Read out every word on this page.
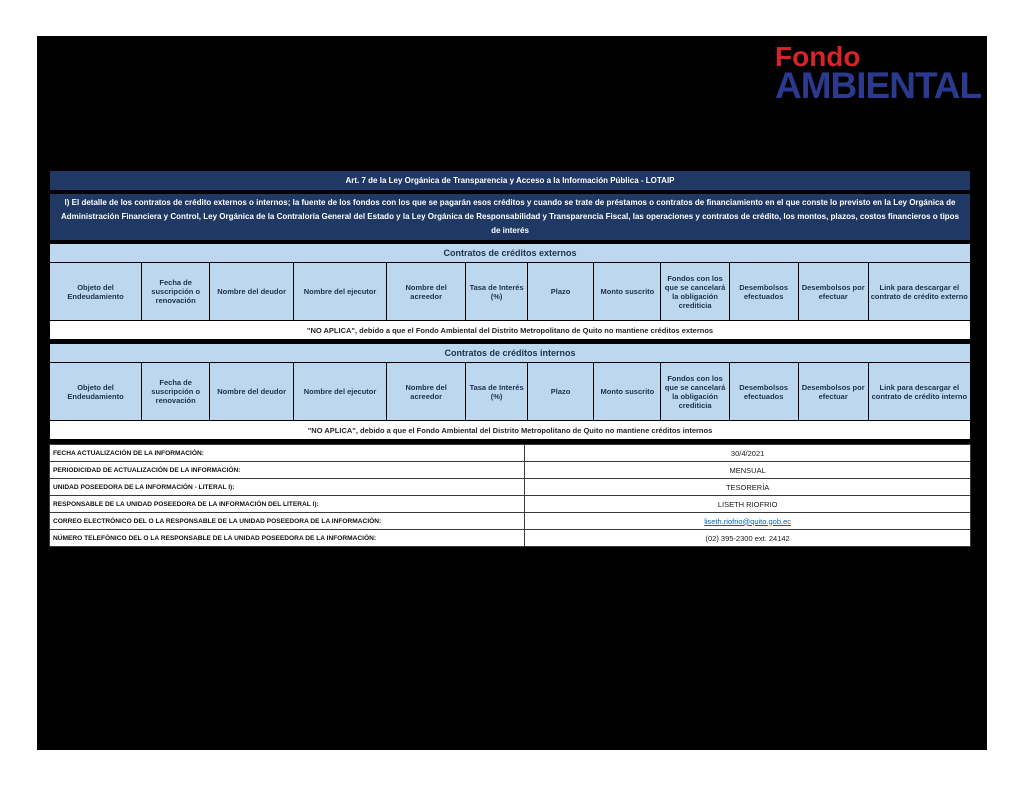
Fondo
AMBIENTAL
Art. 7 de la Ley Orgánica de Transparencia y Acceso a la Información Pública - LOTAIP
l) El detalle de los contratos de crédito externos o internos; la fuente de los fondos con los que se pagarán esos créditos y cuando se trate de préstamos o contratos de financiamiento en el que conste lo previsto en la Ley Orgánica de Administración Financiera y Control, Ley Orgánica de la Contraloría General del Estado y la Ley Orgánica de Responsabilidad y Transparencia Fiscal, las operaciones y contratos de crédito, los montos, plazos, costos financieros o tipos de interés
Contratos de créditos externos
Objeto del Endeudamiento	Fecha de suscripción o renovación	Nombre del deudor	Nombre del ejecutor	Nombre del acreedor	Tasa de Interés (%)	Plazo	Monto suscrito	Fondos con los que se cancelará la obligación crediticia	Desembolsos efectuados	Desembolsos por efectuar	Link para descargar el contrato de crédito externo
"NO APLICA", debido a que el Fondo Ambiental del Distrito Metropolitano de Quito no mantiene créditos externos
Contratos de créditos internos
Objeto del Endeudamiento	Fecha de suscripción o renovación	Nombre del deudor	Nombre del ejecutor	Nombre del acreedor	Tasa de Interés (%)	Plazo	Monto suscrito	Fondos con los que se cancelará la obligación crediticia	Desembolsos efectuados	Desembolsos por efectuar	Link para descargar el contrato de crédito interno
"NO APLICA", debido a que el Fondo Ambiental del Distrito Metropolitano de Quito no mantiene créditos internos
FECHA ACTUALIZACIÓN DE LA INFORMACIÓN:	30/4/2021
PERIODICIDAD DE ACTUALIZACIÓN DE LA INFORMACIÓN:	MENSUAL
UNIDAD POSEEDORA DE LA INFORMACIÓN - LITERAL l):	TESORERÍA
RESPONSABLE DE LA UNIDAD POSEEDORA DE LA INFORMACIÓN DEL LITERAL l):	LISETH RIOFRIO
CORREO ELECTRÓNICO DEL O LA RESPONSABLE DE LA UNIDAD POSEEDORA DE LA INFORMACIÓN:	liseth.riofrio@quito.gob.ec
NÚMERO TELEFÓNICO DEL O LA RESPONSABLE DE LA UNIDAD POSEEDORA DE LA INFORMACIÓN:	(02) 395-2300 ext. 24142
